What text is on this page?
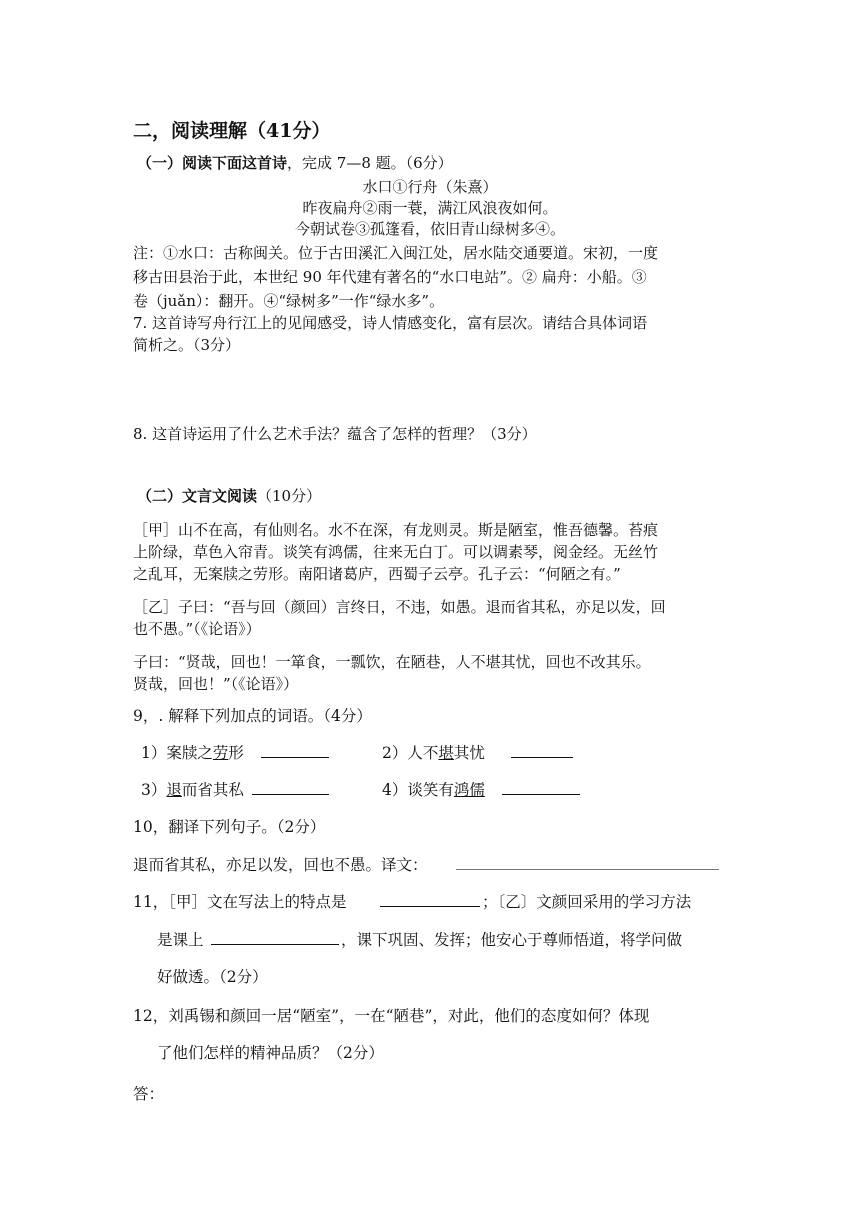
二，阅读理解（41分）
（一）阅读下面这首诗，完成 7—8 题。（6分）
水口①行舟（朱熹）
昨夜扁舟②雨一蓑，满江风浪夜如何。
今朝试卷③孤篷看，依旧青山绿树多④。
注：①水口：古称闽关。位于古田溪汇入闽江处，居水陆交通要道。宋初，一度
移古田县治于此，本世纪 90 年代建有著名的“水口电站”。② 扁舟：小船。③
卷（juǎn）：翻开。④“绿树多”一作“绿水多”。
7. 这首诗写舟行江上的见闻感受，诗人情感变化，富有层次。请结合具体词语
简析之。（3分）
8. 这首诗运用了什么艺术手法？蕴含了怎样的哲理？（3分）
（二）文言文阅读（10分）
［甲］山不在高，有仙则名。水不在深，有龙则灵。斯是陋室，惟吾德馨。苔痕
上阶绿，草色入帘青。谈笑有鸿儒，往来无白丁。可以调素琴，阅金经。无丝竹
之乱耳，无案牍之劳形。南阳诸葛庐，西蜀子云亭。孔子云：“何陋之有。”
［乙］子曰：“吾与回（颜回）言终日，不违，如愚。退而省其私，亦足以发，回
也不愚。”（《论语》）
子曰：“贤哉，回也！一箪食，一瓢饮，在陋巷，人不堪其忧，回也不改其乐。
贤哉，回也！”（《论语》）
9，. 解释下列加点的词语。（4分）
1）案牍之劳形	2）人不堪其忧
3）退而省其私	4）谈笑有鸿儒
10，翻译下列句子。（2分）
退而省其私，亦足以发，回也不愚。译文：
11，［甲］文在写法上的特点是	；〔乙〕文颜回采用的学习方法
是课上	，课下巩固、发挥；他安心于尊师悟道，将学问做
好做透。（2分）
12，刘禹锡和颜回一居“陋室”，一在“陋巷”，对此，他们的态度如何？体现
了他们怎样的精神品质？（2分）
答：
